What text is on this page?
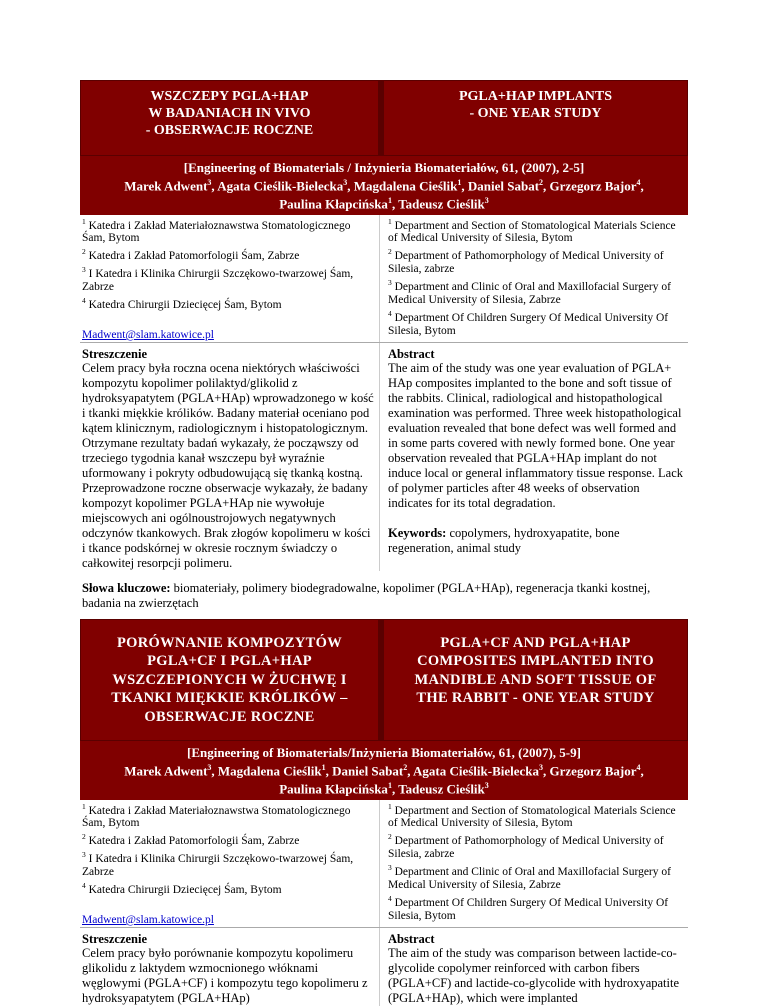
WSZCZEPY PGLA+HAP
W BADANIACH IN VIVO
- OBSERWACJE ROCZNE
PGLA+HAP IMPLANTS
- ONE YEAR STUDY
[Engineering of Biomaterials / Inżynieria Biomateriałów, 61, (2007), 2-5]
Marek Adwent$^3$, Agata Cieślik-Bielecka$^3$, Magdalena Cieślik$^1$, Daniel Sabat$^2$, Grzegorz Bajor$^4$,
Paulina Kłapcińska$^1$, Tadeusz Cieślik$^3$
$^1$ Katedra i Zakład Materiałoznawstwa Stomatologicznego Śam, Bytom
$^2$ Katedra i Zakład Patomorfologii Śam, Zabrze
$^3$ I Katedra i Klinika Chirurgii Szczękowo-twarzowej Śam, Zabrze
$^4$ Katedra Chirurgii Dziecięcej Śam, Bytom
Madwent@slam.katowice.pl
$^1$ Department and Section of Stomatological Materials Science of Medical University of Silesia, Bytom
$^2$ Department of Pathomorphology of Medical University of Silesia, zabrze
$^3$ Department and Clinic of Oral and Maxillofacial Surgery of Medical University of Silesia, Zabrze
$^4$ Department Of Children Surgery Of Medical University Of Silesia, Bytom
Streszczenie
Celem pracy była roczna ocena niektórych właściwości kompozytu kopolimer polilaktyd/glikolid z hydroksyapatytem (PGLA+HAp) wprowadzonego w kość i tkanki miękkie królików. Badany materiał oceniano pod kątem klinicznym, radiologicznym i histopatologicznym. Otrzymane rezultaty badań wykazały, że począwszy od trzeciego tygodnia kanał wszczepu był wyraźnie uformowany i pokryty odbudowującą się tkanką kostną. Przeprowadzone roczne obserwacje wykazały, że badany kompozyt kopolimer PGLA+HAp nie wywołuje miejscowych ani ogólnoustrojowych negatywnych odczynów tkankowych. Brak złogów kopolimeru w kości i tkance podskórnej w okresie rocznym świadczy o całkowitej resorpcji polimeru.
Abstract
The aim of the study was one year evaluation of PGLA+ HAp composites implanted to the bone and soft tissue of the rabbits. Clinical, radiological and histopathological examination was performed. Three week histopathological evaluation revealed that bone defect was well formed and in some parts covered with newly formed bone. One year observation revealed that PGLA+HAp implant do not induce local or general inflammatory tissue response. Lack of polymer particles after 48 weeks of observation indicates for its total degradation.
Keywords: copolymers, hydroxyapatite, bone regeneration, animal study
Słowa kluczowe: biomateriały, polimery biodegradowalne, kopolimer (PGLA+HAp), regeneracja tkanki kostnej, badania na zwierzętach
PORÓWNANIE KOMPOZYTÓW
PGLA+CF I PGLA+HAP
WSZCZEPIONYCH W ŻUCHWĘ I
TKANKI MIĘKKIE KRÓLIKÓW –
OBSERWACJE ROCZNE
PGLA+CF AND PGLA+HAP
COMPOSITES IMPLANTED INTO
MANDIBLE AND SOFT TISSUE OF
THE RABBIT - ONE YEAR STUDY
[Engineering of Biomaterials/Inżynieria Biomateriałów, 61, (2007), 5-9]
Marek Adwent$^3$, Magdalena Cieślik$^1$, Daniel Sabat$^2$, Agata Cieślik-Bielecka$^3$, Grzegorz Bajor$^4$,
Paulina Kłapcińska$^1$, Tadeusz Cieślik$^3$
$^1$ Katedra i Zakład Materiałoznawstwa Stomatologicznego Śam, Bytom
$^2$ Katedra i Zakład Patomorfologii Śam, Zabrze
$^3$ I Katedra i Klinika Chirurgii Szczękowo-twarzowej Śam, Zabrze
$^4$ Katedra Chirurgii Dziecięcej Śam, Bytom
Madwent@slam.katowice.pl
$^1$ Department and Section of Stomatological Materials Science of Medical University of Silesia, Bytom
$^2$ Department of Pathomorphology of Medical University of Silesia, zabrze
$^3$ Department and Clinic of Oral and Maxillofacial Surgery of Medical University of Silesia, Zabrze
$^4$ Department Of Children Surgery Of Medical University Of Silesia, Bytom
Streszczenie
Celem pracy było porównanie kompozytu kopolimeru glikolidu z laktydem wzmocnionego włóknami węglowymi (PGLA+CF) i kompozytu tego kopolimeru z hydroksyapatytem (PGLA+HAp)
Abstract
The aim of the study was comparison between lactide-co-glycolide copolymer reinforced with carbon fibers (PGLA+CF) and lactide-co-glycolide with hydroxyapatite (PGLA+HAp), which were implanted
